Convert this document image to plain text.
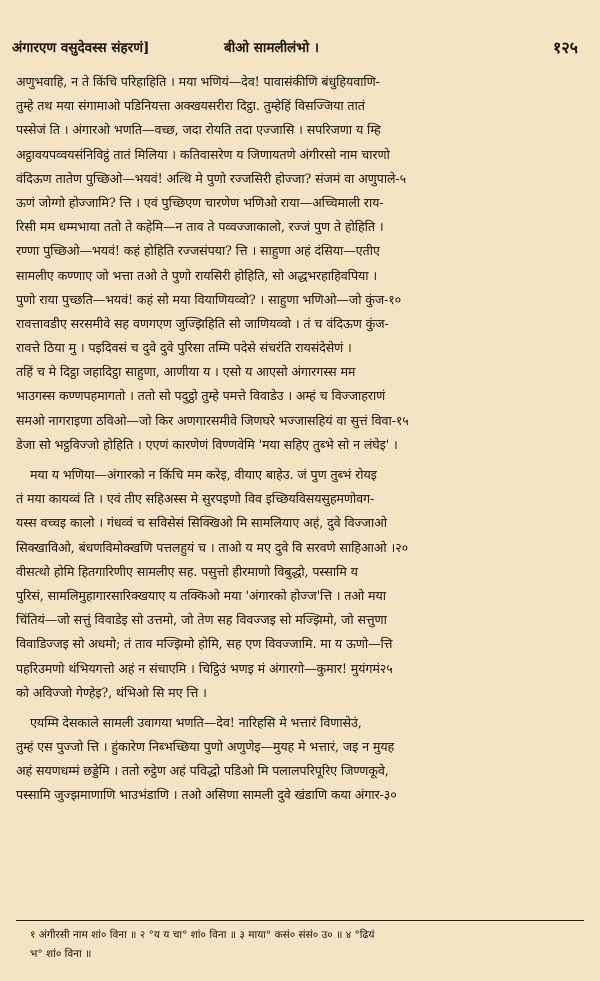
अंगारएण वसुदेवस्स संहरणं]	बीओ सामलीलंभो ।	१२५
अणुभवाहि, न ते किंचि परिहाहिति । मया भणियं—देव! पावासंकीणि बंधुहियवाणि-
तुम्हे तथ मया संगामाओ पडिनियत्ता अक्खयसरीरा दिट्ठा. तुम्हेहिं विसज्जिया तातं
पस्सेजं ति । अंगारओ भणति—वच्छ, जदा रोयति तदा एज्जासि । सपरिजणा य म्हि
अट्ठावयपव्वयसंनिविट्ठं तातं मिलिया । कतिवासरेण य जिणायतणे अंगीरसो नाम चारणो
वंदिऊण तातेण पुच्छिओ—भयवं! अत्थि मे पुणो रज्जसिरी होज्जा? संजमं वा अणुपाले-५
ऊणं जोग्गो होज्जामि? त्ति । एवं पुच्छिएण चारणेण भणिओ राया—अच्चिमाली राय-
रिसी मम धम्मभाया ततो ते कहेमि—न ताव ते पव्वज्जाकालो, रज्जं पुण ते होहिति ।
रण्णा पुच्छिओ—भयवं! कहं होहिति रज्जसंपया? त्ति । साहुणा अहं दंसिया—एतीए
सामलीए कण्णाए जो भत्ता तओ ते पुणो रायसिरी होहिति, सो अद्धभरहाहिवपिया ।
पुणो राया पुच्छति—भयवं! कहं सो मया वियाणियव्वो? । साहुणा भणिओ—जो कुंज-१०
रावत्तावडीए सरसमीवे सह वणगएण जुज्झिहिति सो जाणियव्वो । तं च वंदिऊण कुंज-
रावत्ते ठिया मु । पइदिवसं च दुवे दुवे पुरिसा तम्मि पदेसे संचरंति रायसंदेसेणं ।
तहिं च मे दिट्ठा जहादिट्ठा साहुणा, आणीया य । एसो य आएसो अंगारगस्स मम
भाउगस्स कण्णपहमागतो । ततो सो पदुट्ठो तुम्हे पमत्ते विवाडेउ । अम्हं च विज्जाहराणं
समओ नागराइणा ठविओ—जो किर अणगारसमीवे जिणघरे भज्जासहियं वा सुत्तं विवा-१५
डेजा सो भट्ठविज्जो होहिति । एएणं कारणेणं विण्णवेमि 'मया सहिए तुब्भे सो न लंघेइ' ।
मया य भणिया—अंगारको न किंचि मम करेइ, वीयाए बाहेउ. जं पुण तुब्भं रोयइ
तं मया कायव्वं ति । एवं तीए सहिअस्स मे सुरपइणो विव इच्छियविसयसुहमणोवग-
यस्स वच्चइ कालो । गंधव्वं च सविसेसं सिक्खिओ मि सामलियाए अहं, दुवे विज्जाओ
सिक्खाविओ, बंधणविमोक्खणि पत्तलहुयं च । ताओ य मए दुवे वि सरवणे साहिआओ ।२०
वीसत्थो होमि हितगारिणीए सामलीए सह. पसुत्तो हीरमाणो विबुद्धो, पस्सामि य
पुरिसं, सामलिमुहागारसारिक्खयाए य तक्किओ मया 'अंगारको होज्ज'त्ति । तओ मया
चिंतियं—जो सत्तुं विवाडेइ सो उत्तमो, जो तेण सह विवज्जइ सो मज्झिमो, जो सत्तुणा
विवाडिज्जइ सो अधमो; तं ताव मज्झिमो होमि, सह एण विवज्जामि. मा य ऊणो—त्ति
पहरिउमणो थंभियगत्तो अहं न संचाएमि । चिट्ठिउं भणइ मं अंगारगो—कुमार! मुयंगमं२५
को अविज्जो गेण्हेइ?, थंभिओ सि मए त्ति ।
एयम्मि देसकाले सामली उवागया भणति—देव! नारिहसि मे भत्तारं विणासेउं,
तुम्हं एस पुज्जो त्ति । हुंकारेण निब्भच्छिया पुणो अणुणेइ—मुयह मे भत्तारं, जइ न मुयह
अहं सयणधम्मं छड्डेमि । ततो रुट्ठेण अहं पविद्धो पडिओ मि पलालपरिपूरिए जिण्णकूवे,
पस्सामि जुज्झमाणाणि भाउभंडाणि । तओ असिणा सामली दुवे खंडाणि कया अंगार-३०
१ अंगीरसी नाम शां० विना ॥ २ °य य चा° शां० विना ॥ ३ माया° कसं० संसं० उ० ॥ ४ °ढियं
भ° शां० विना ॥
